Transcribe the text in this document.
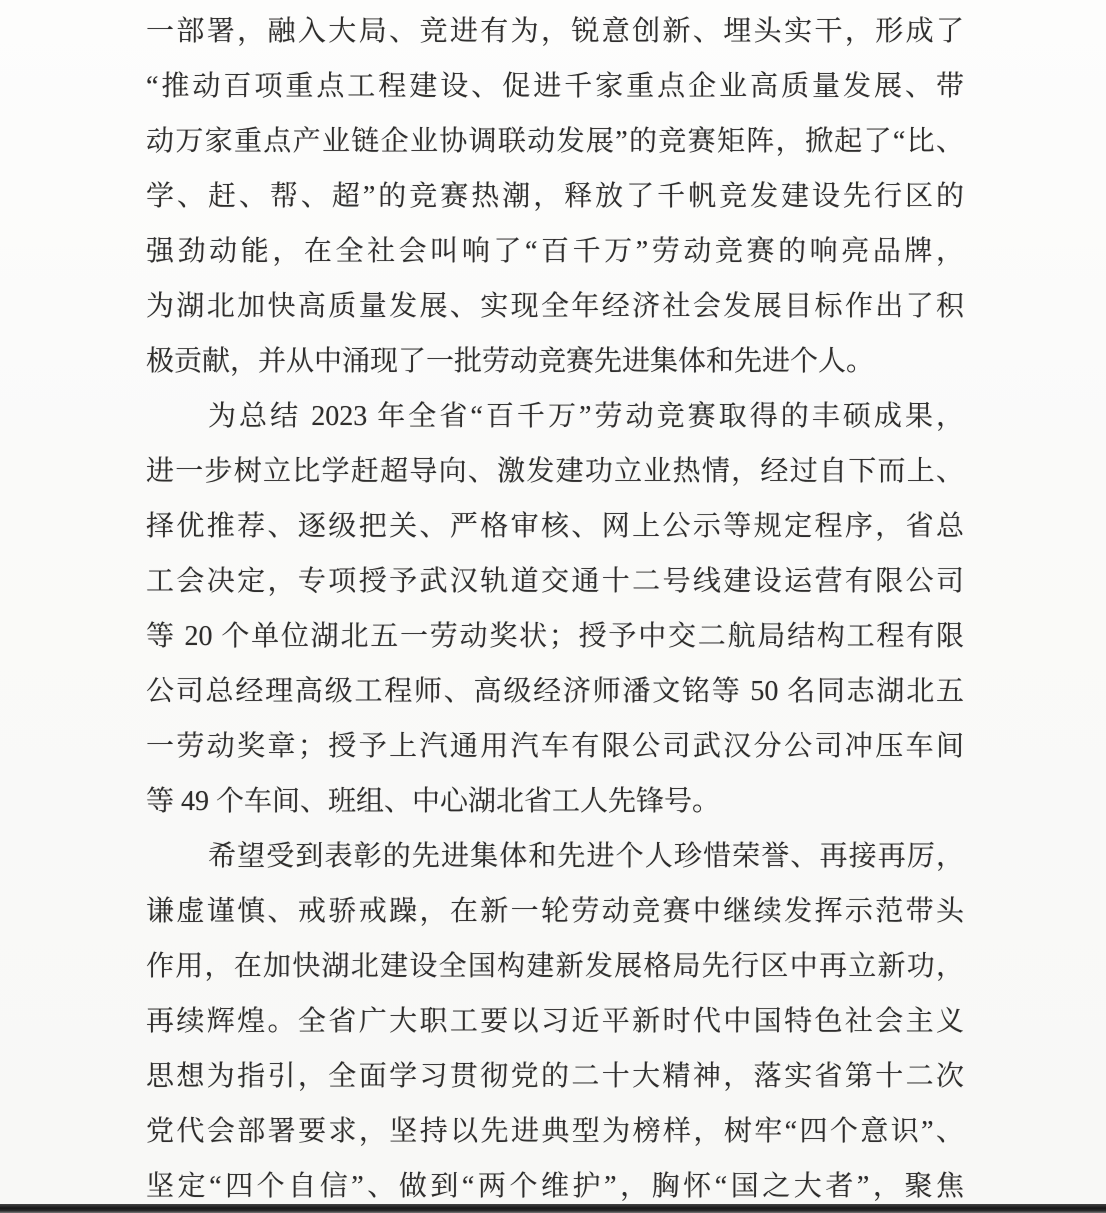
一部署，融入大局、竞进有为，锐意创新、埋头实干，形成了
“推动百项重点工程建设、促进千家重点企业高质量发展、带
动万家重点产业链企业协调联动发展”的竞赛矩阵，掀起了“比、
学、赶、帮、超”的竞赛热潮，释放了千帆竞发建设先行区的
强劲动能，在全社会叫响了“百千万”劳动竞赛的响亮品牌，
为湖北加快高质量发展、实现全年经济社会发展目标作出了积
极贡献，并从中涌现了一批劳动竞赛先进集体和先进个人。
为总结 2023 年全省“百千万”劳动竞赛取得的丰硕成果，
进一步树立比学赶超导向、激发建功立业热情，经过自下而上、
择优推荐、逐级把关、严格审核、网上公示等规定程序，省总
工会决定，专项授予武汉轨道交通十二号线建设运营有限公司
等 20 个单位湖北五一劳动奖状；授予中交二航局结构工程有限
公司总经理高级工程师、高级经济师潘文铭等 50 名同志湖北五
一劳动奖章；授予上汽通用汽车有限公司武汉分公司冲压车间
等 49 个车间、班组、中心湖北省工人先锋号。
希望受到表彰的先进集体和先进个人珍惜荣誉、再接再厉，
谦虚谨慎、戒骄戒躁，在新一轮劳动竞赛中继续发挥示范带头
作用，在加快湖北建设全国构建新发展格局先行区中再立新功，
再续辉煌。全省广大职工要以习近平新时代中国特色社会主义
思想为指引，全面学习贯彻党的二十大精神，落实省第十二次
党代会部署要求，坚持以先进典型为榜样，树牢“四个意识”、
坚定“四个自信”、做到“两个维护”，胸怀“国之大者”，聚焦
